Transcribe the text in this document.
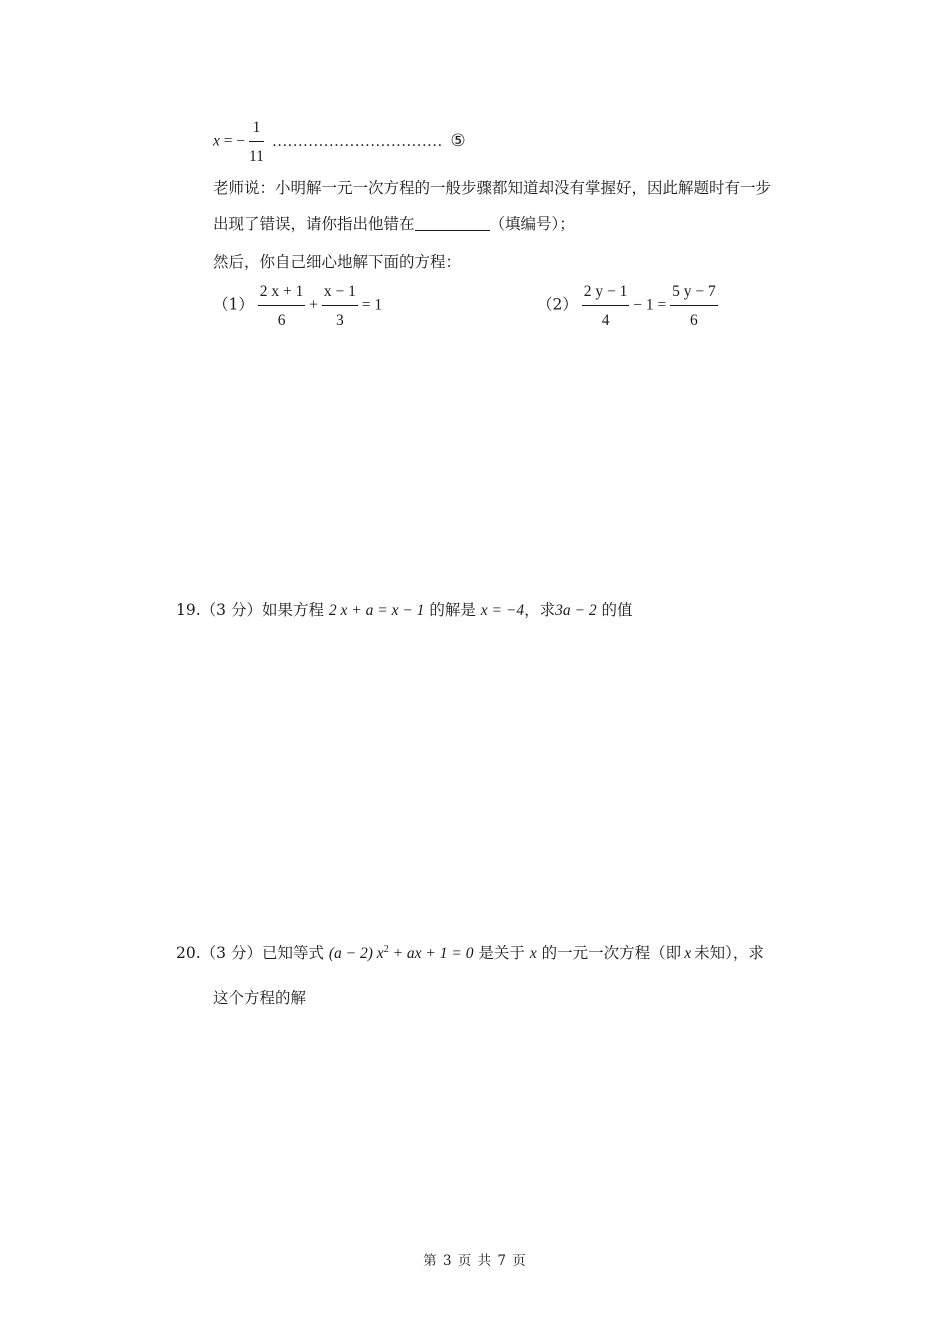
x = − $\frac{1}{11}$ …………………………… ⑤
老师说：小明解一元一次方程的一般步骤都知道却没有掌握好，因此解题时有一步
出现了错误，请你指出他错在	（填编号）；
然后，你自己细心地解下面的方程：
$(1) \frac{2 x + 1}{6} + \frac{x - 1}{3} = 1$	$(2) \frac{2 y - 1}{4} - 1 = \frac{5 y - 7}{6}$
19.（3 分）如果方程 2 x + a = x − 1 的解是 x = −4，求3a − 2 的值
20.（3 分）已知等式 (a − 2) $x^2$ + ax + 1 = 0 是关于 x 的一元一次方程（即 x 未知），求
这个方程的解
第 3 页 共 7 页
